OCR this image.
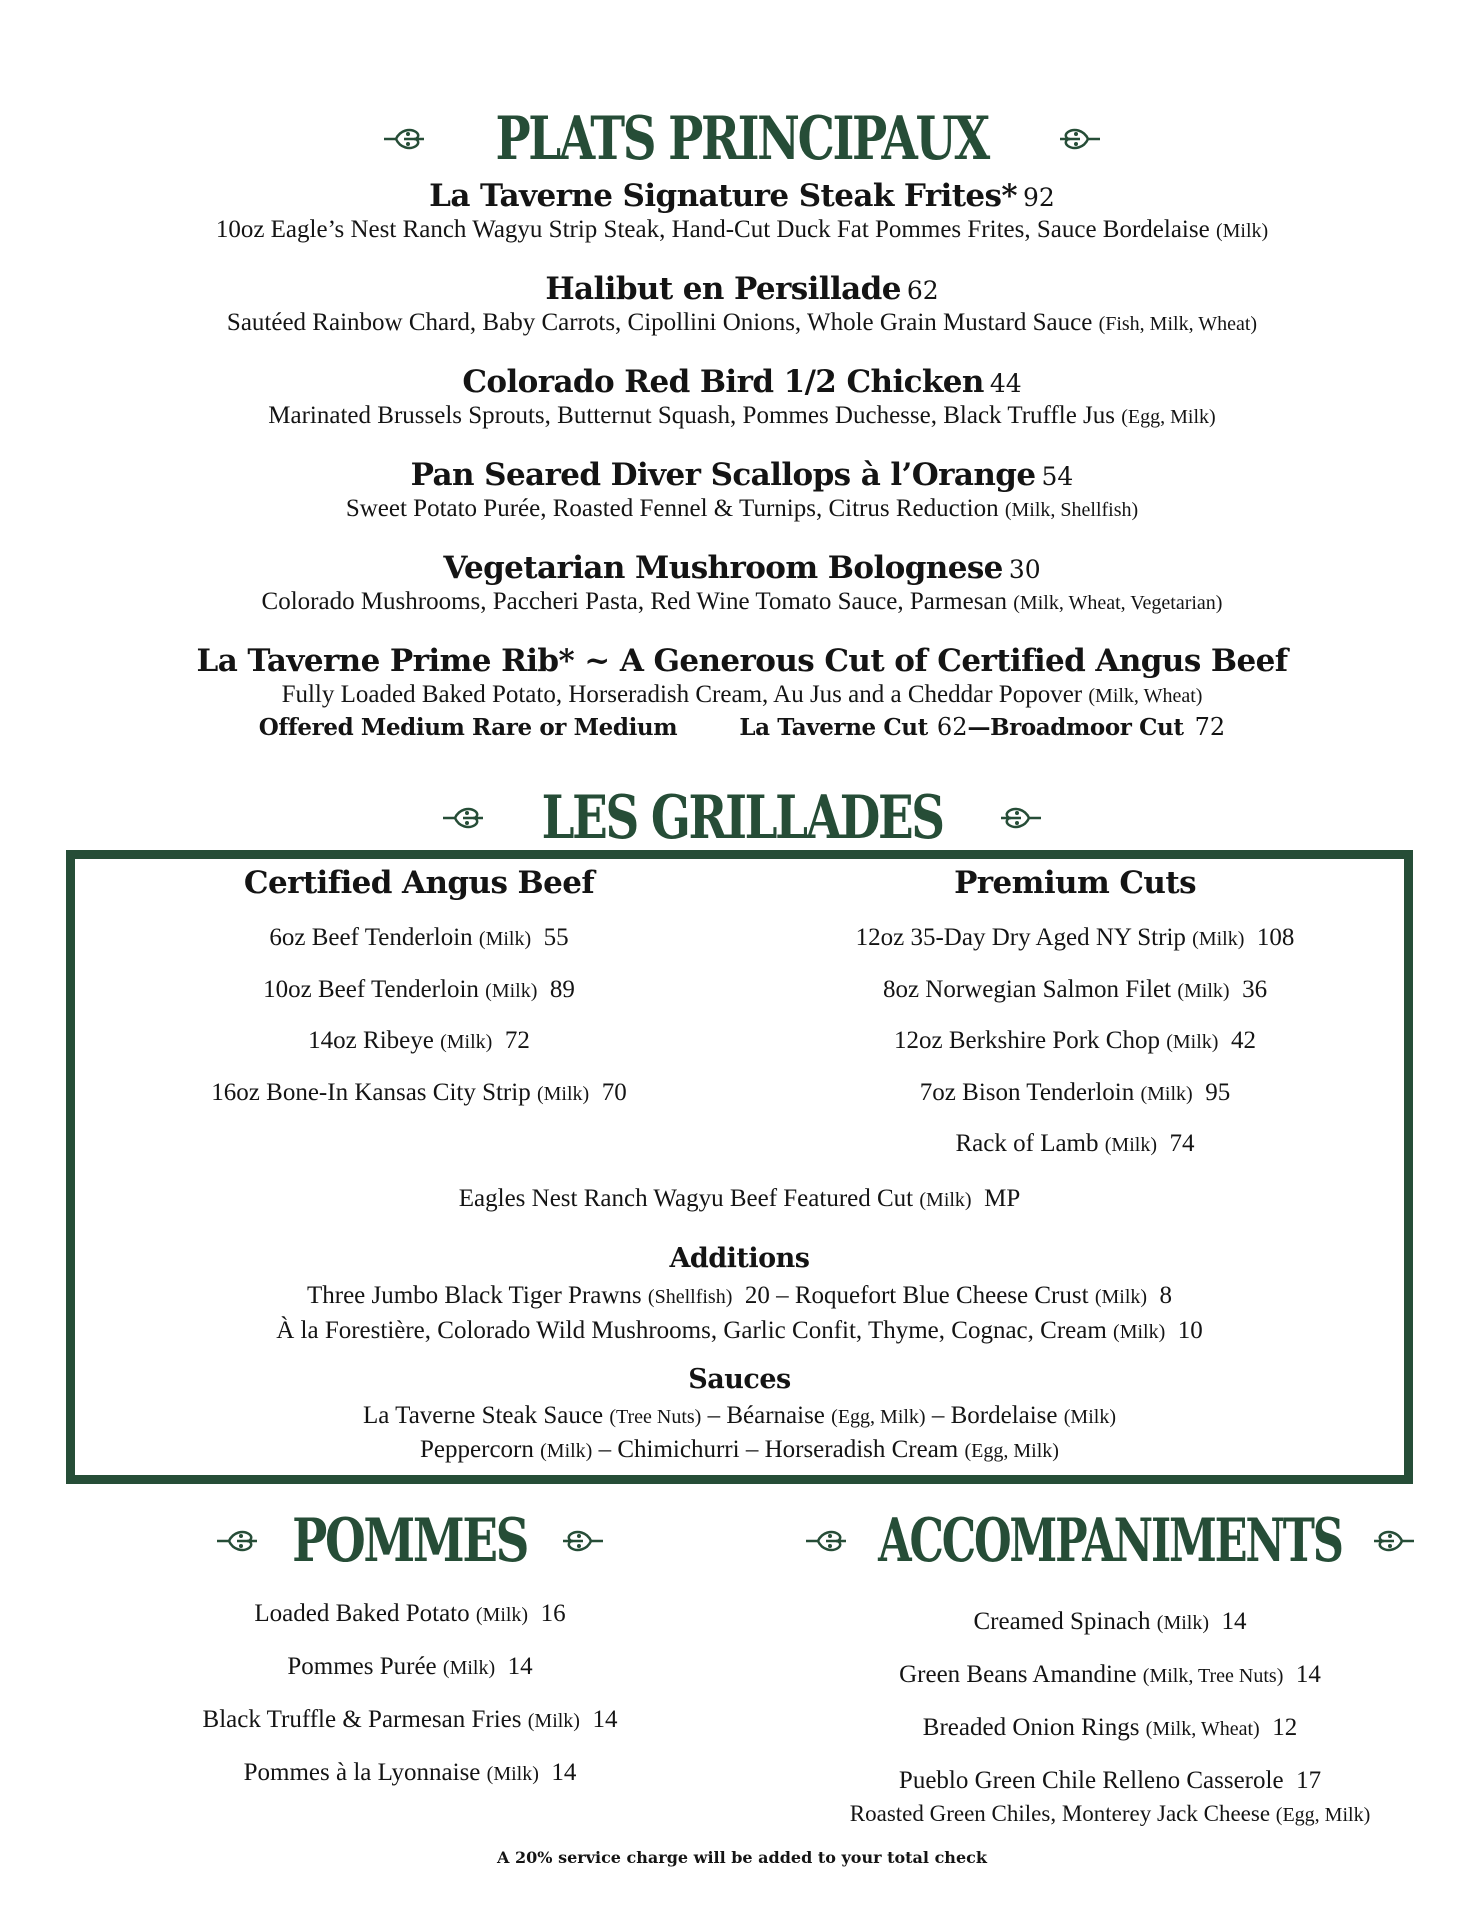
PLATS PRINCIPAUX
La Taverne Signature Steak Frites* 92
10oz Eagle’s Nest Ranch Wagyu Strip Steak, Hand-Cut Duck Fat Pommes Frites, Sauce Bordelaise (Milk)
Halibut en Persillade 62
Sautéed Rainbow Chard, Baby Carrots, Cipollini Onions, Whole Grain Mustard Sauce (Fish, Milk, Wheat)
Colorado Red Bird 1/2 Chicken 44
Marinated Brussels Sprouts, Butternut Squash, Pommes Duchesse, Black Truffle Jus (Egg, Milk)
Pan Seared Diver Scallops à l’Orange 54
Sweet Potato Purée, Roasted Fennel & Turnips, Citrus Reduction (Milk, Shellfish)
Vegetarian Mushroom Bolognese 30
Colorado Mushrooms, Paccheri Pasta, Red Wine Tomato Sauce, Parmesan (Milk, Wheat, Vegetarian)
La Taverne Prime Rib* ~ A Generous Cut of Certified Angus Beef
Fully Loaded Baked Potato, Horseradish Cream, Au Jus and a Cheddar Popover (Milk, Wheat)
Offered Medium Rare or Medium	La Taverne Cut 62—Broadmoor Cut 72
LES GRILLADES
Certified Angus Beef
6oz Beef Tenderloin (Milk) 55
10oz Beef Tenderloin (Milk) 89
14oz Ribeye (Milk) 72
16oz Bone-In Kansas City Strip (Milk) 70
Premium Cuts
12oz 35-Day Dry Aged NY Strip (Milk) 108
8oz Norwegian Salmon Filet (Milk) 36
12oz Berkshire Pork Chop (Milk) 42
7oz Bison Tenderloin (Milk) 95
Rack of Lamb (Milk) 74
Eagles Nest Ranch Wagyu Beef Featured Cut (Milk) MP
Additions
Three Jumbo Black Tiger Prawns (Shellfish) 20 – Roquefort Blue Cheese Crust (Milk) 8
À la Forestière, Colorado Wild Mushrooms, Garlic Confit, Thyme, Cognac, Cream (Milk) 10
Sauces
La Taverne Steak Sauce (Tree Nuts) – Béarnaise (Egg, Milk) – Bordelaise (Milk)
Peppercorn (Milk) – Chimichurri – Horseradish Cream (Egg, Milk)
POMMES
Loaded Baked Potato (Milk) 16
Pommes Purée (Milk) 14
Black Truffle & Parmesan Fries (Milk) 14
Pommes à la Lyonnaise (Milk) 14
ACCOMPANIMENTS
Creamed Spinach (Milk) 14
Green Beans Amandine (Milk, Tree Nuts) 14
Breaded Onion Rings (Milk, Wheat) 12
Pueblo Green Chile Relleno Casserole 17
Roasted Green Chiles, Monterey Jack Cheese (Egg, Milk)
A 20% service charge will be added to your total check
